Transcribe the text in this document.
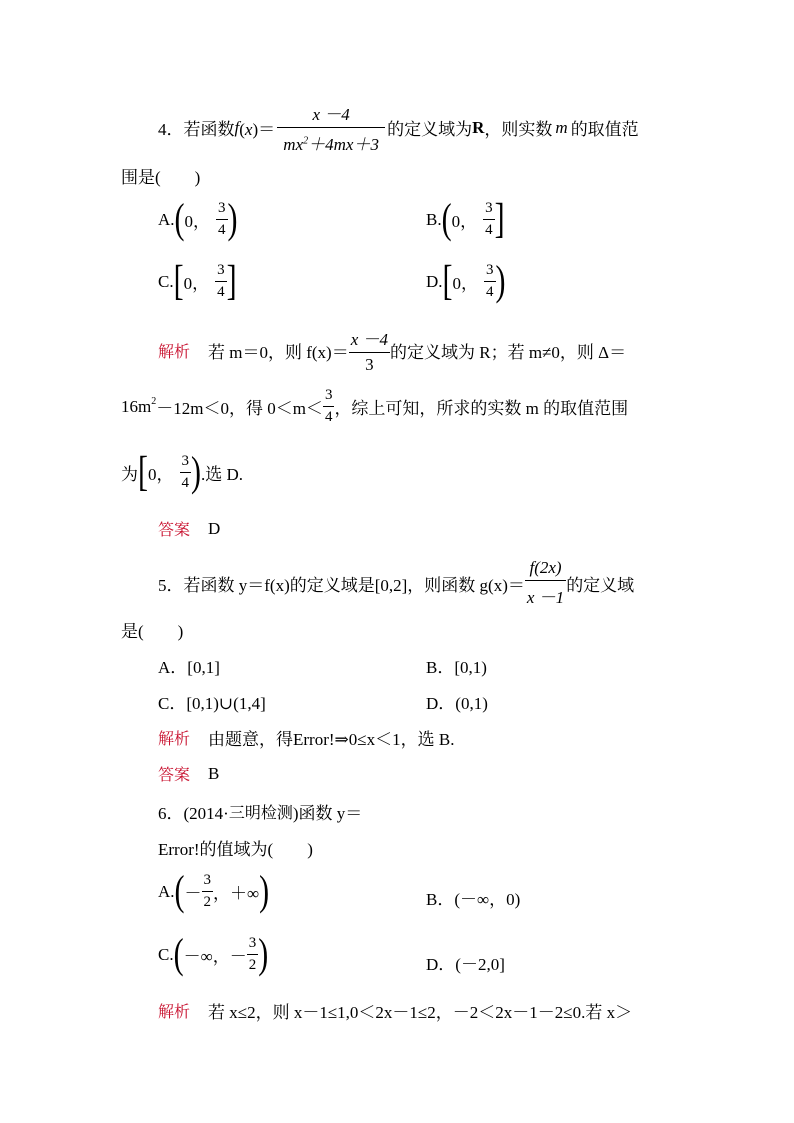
4．若函数 f $(x)= \frac{x -4}{mx^2+4mx+3}$ 的定义域为 R ，则实数 m 的取值范
围是(　　)
A. ( 0， $\frac{3}{4}$ )	B. ( 0， $\frac{3}{4}$ ]
C. [ 0， $\frac{3}{4}$ ]	D. [ 0， $\frac{3}{4}$ )
解析 若 m＝0，则 $f(x)= \frac{x -4}{3}$ 的定义域为 R；若 m≠0，则 Δ＝
$16m^2 -12m<0$，得 $0<m< \frac{3}{4}$ ，综上可知，所求的实数 m 的取值范围
为 [ 0， $\frac{3}{4}$ ) .选 D.
答案 D
5．若函数 y＝f(x)的定义域是[0,2]，则函数 $g(x)= \frac{f(2x)}{x -1}$ 的定义域
是(　　)
A．[0,1]	B．[0,1)
C．[0,1)∪(1,4]	D．(0,1)
解析 由题意，得Error!⇒0≤x＜1，选 B.
答案 B
6．(2014· 三明检测 )函数 y＝
Error!的值域为(　　)
A. ( － $\frac{3}{2}$ ，＋∞ )	B．(－∞，0)
C. ( －∞，－ $\frac{3}{2}$ )	D．(－2,0]
解析 若 x≤2，则 x－1≤1,0＜2x－1≤2，－2＜2x－1－2≤0.若 x＞
